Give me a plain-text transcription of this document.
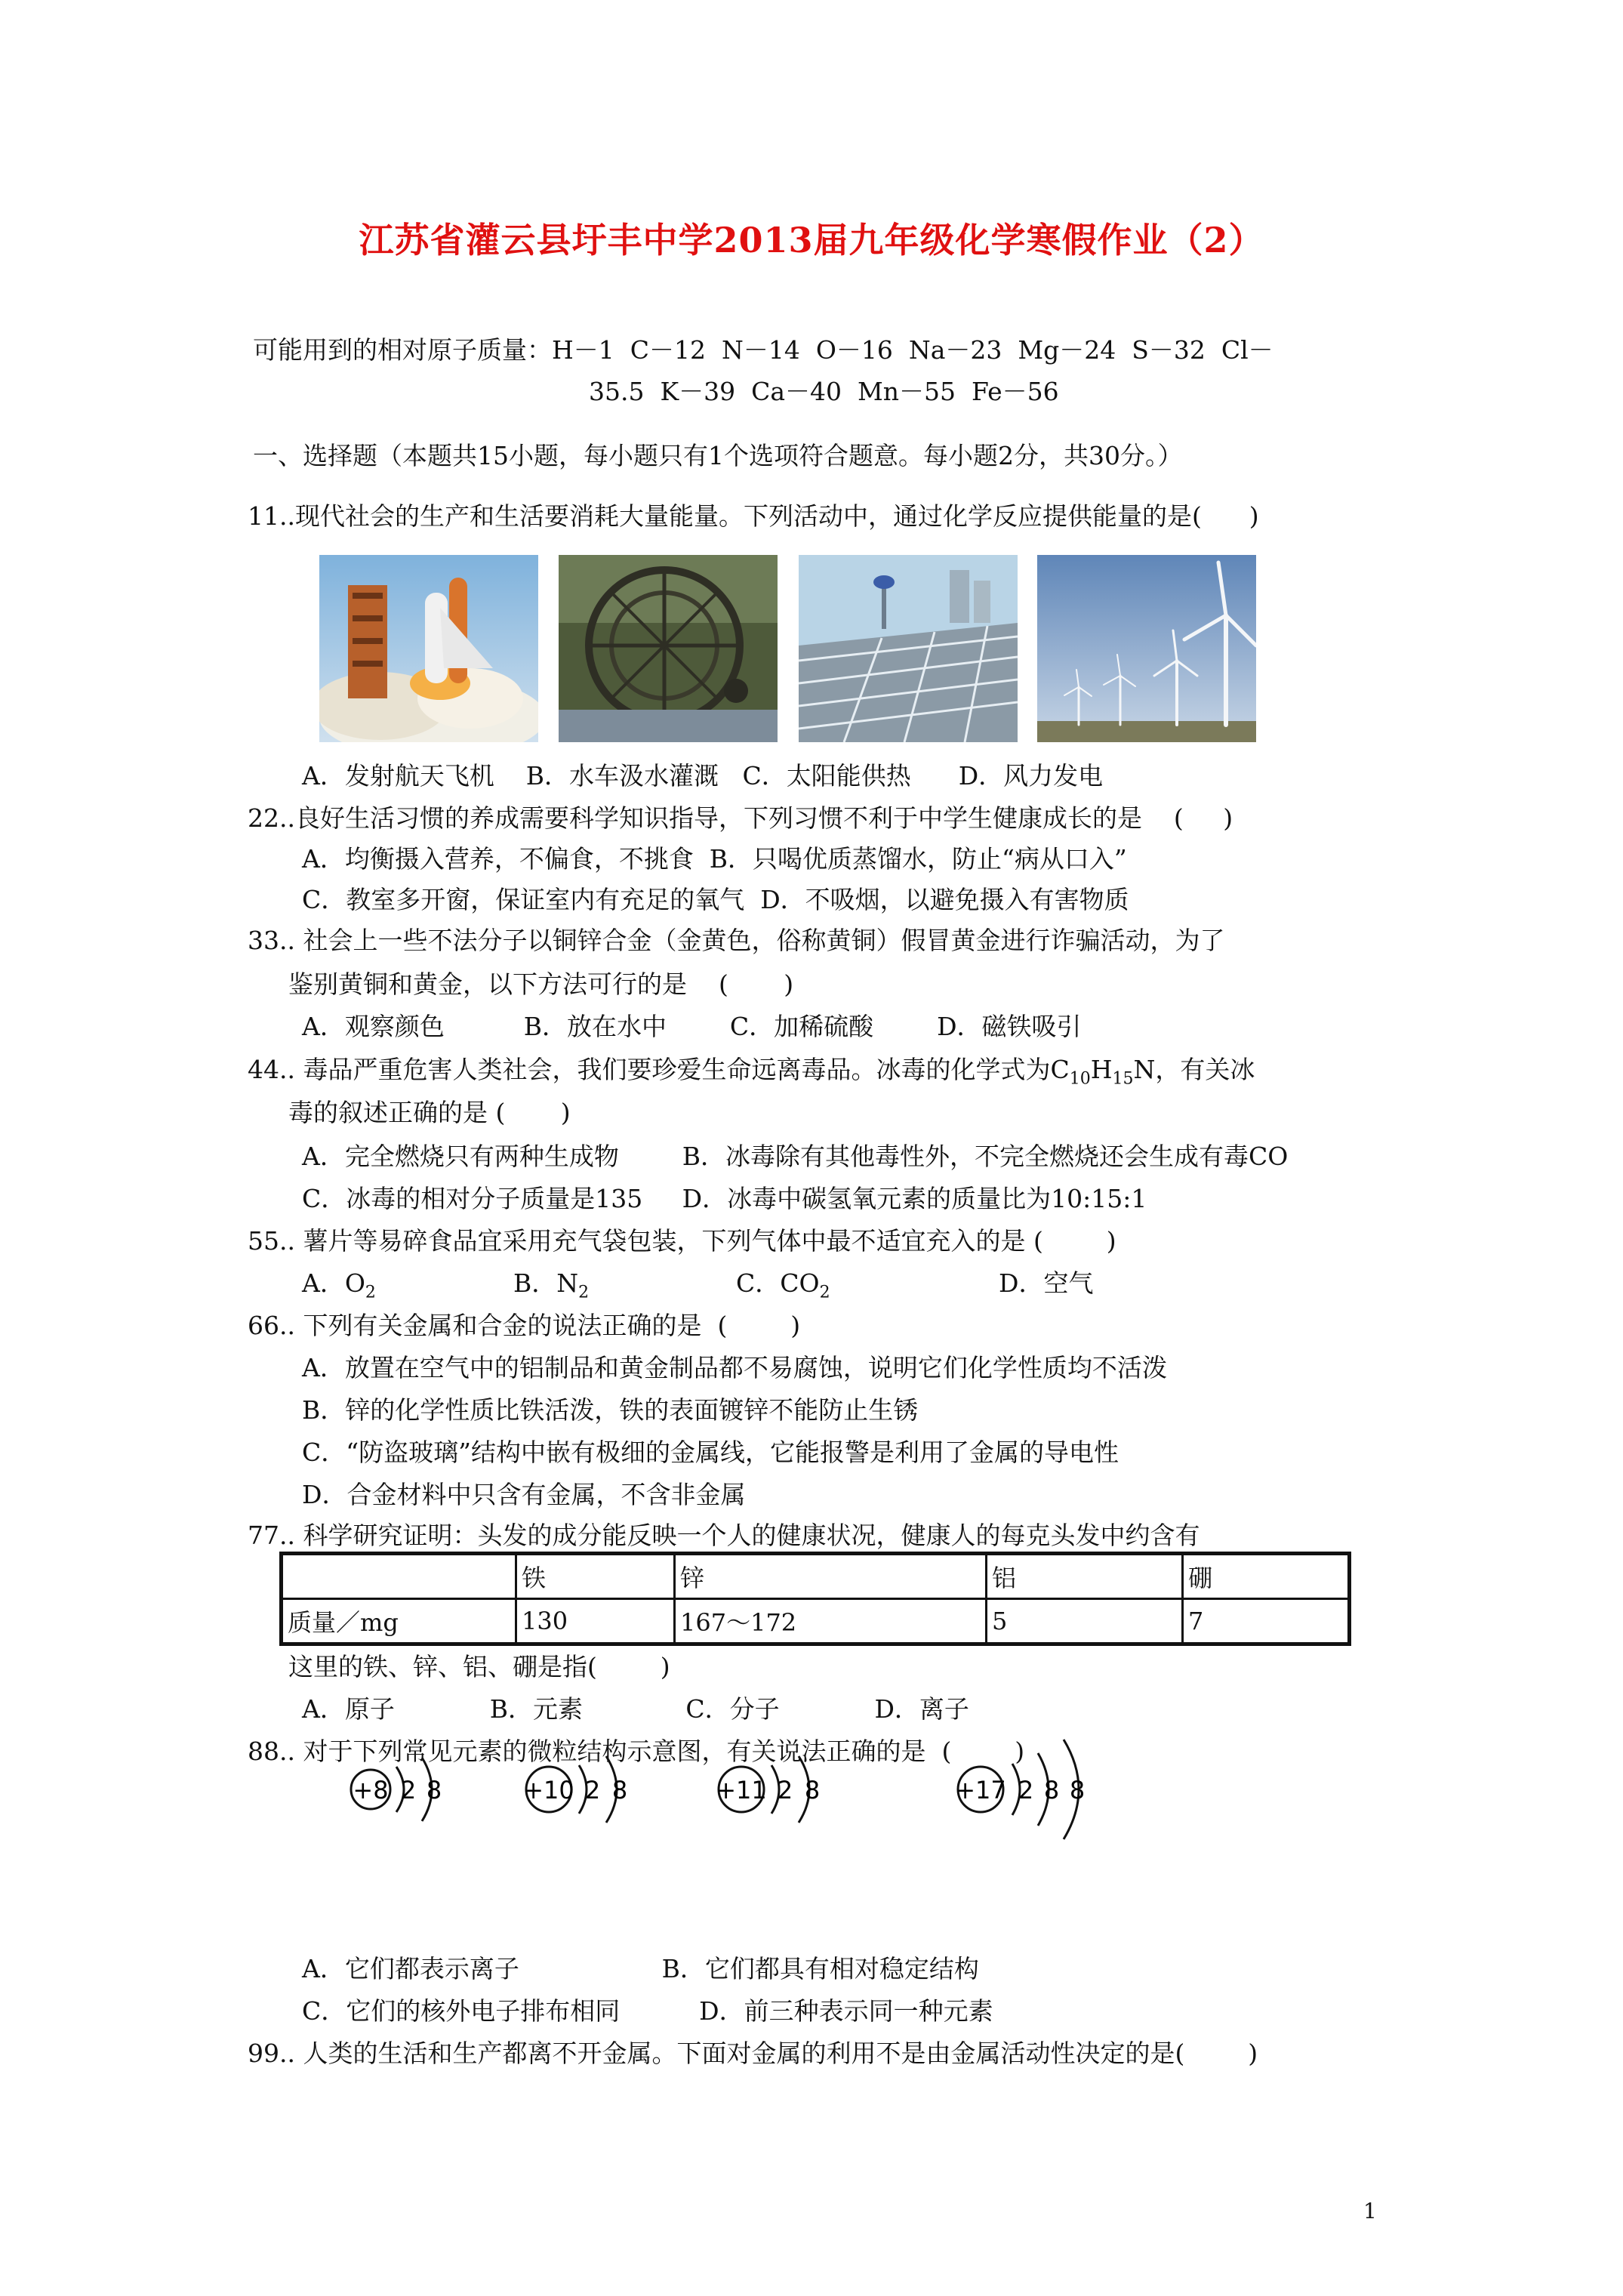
江苏省灌云县圩丰中学2013届九年级化学寒假作业（2）
可能用到的相对原子质量：H－1  C－12  N－14  O－16  Na－23  Mg－24  S－32  Cl－
35.5  K－39  Ca－40  Mn－55  Fe－56
一、选择题（本题共15小题，每小题只有1个选项符合题意。每小题2分，共30分。）
11..现代社会的生产和生活要消耗大量能量。下列活动中，通过化学反应提供能量的是(      )
A．发射航天飞机    B．水车汲水灌溉   C．太阳能供热      D．风力发电
22..良好生活习惯的养成需要科学知识指导，下列习惯不利于中学生健康成长的是    (     )
A．均衡摄入营养，不偏食，不挑食  B．只喝优质蒸馏水，防止“病从口入”
C．教室多开窗，保证室内有充足的氧气  D．不吸烟，以避免摄入有害物质
33.. 社会上一些不法分子以铜锌合金（金黄色，俗称黄铜）假冒黄金进行诈骗活动，为了
鉴别黄铜和黄金，以下方法可行的是    (       )
A．观察颜色          B．放在水中        C．加稀硫酸        D．磁铁吸引
44.. 毒品严重危害人类社会，我们要珍爱生命远离毒品。冰毒的化学式为$C_{10}H_{15}N$，有关冰
毒的叙述正确的是 (       )
A．完全燃烧只有两种生成物        B．冰毒除有其他毒性外，不完全燃烧还会生成有毒CO
C．冰毒的相对分子质量是135     D．冰毒中碳氢氧元素的质量比为10:15:1
55.. 薯片等易碎食品宜采用充气袋包装，下列气体中最不适宜充入的是 (        )
A．$O_2$	B．$N_2$	C．$CO_2$	D．空气
66.. 下列有关金属和合金的说法正确的是  (        )
A．放置在空气中的铝制品和黄金制品都不易腐蚀，说明它们化学性质均不活泼
B．锌的化学性质比铁活泼，铁的表面镀锌不能防止生锈
C．“防盗玻璃”结构中嵌有极细的金属线，它能报警是利用了金属的导电性
D．合金材料中只含有金属，不含非金属
77.. 科学研究证明：头发的成分能反映一个人的健康状况，健康人的每克头发中约含有
	铁	锌	铝	硼
质量／mg	130	167～172	5	7
这里的铁、锌、铝、硼是指(        )
A．原子            B．元素             C．分子            D．离子
88.. 对于下列常见元素的微粒结构示意图，有关说法正确的是  (        )
+8 2 8	+10 2 8	+11 2 8	+17 2 8 8
A．它们都表示离子                  B．它们都具有相对稳定结构
C．它们的核外电子排布相同          D．前三种表示同一种元素
99.. 人类的生活和生产都离不开金属。下面对金属的利用不是由金属活动性决定的是(        )
1
